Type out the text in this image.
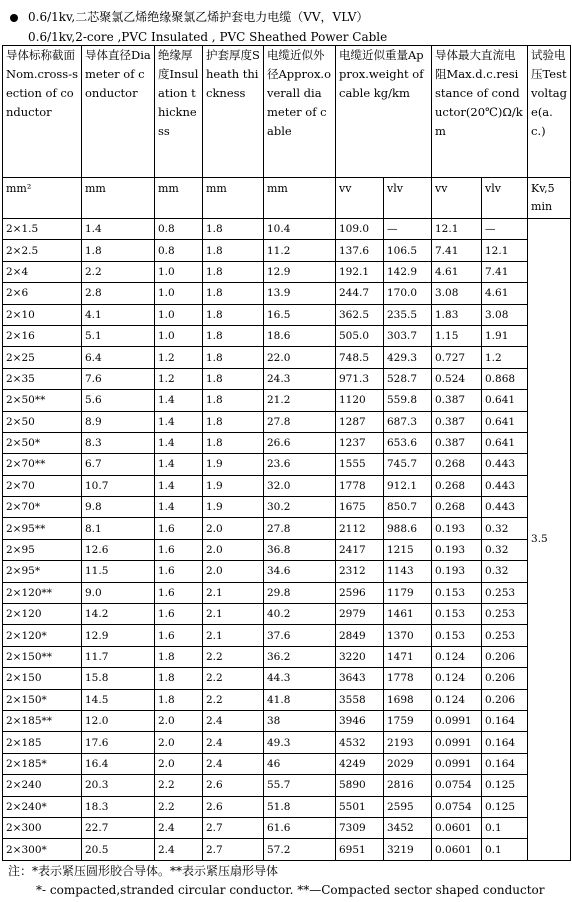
0.6/1kv,二芯聚氯乙烯绝缘聚氯乙烯护套电力电缆（VV，VLV）
0.6/1kv,2-core ,PVC Insulated , PVC Sheathed Power Cable
导体标称截面Nom.cross-section of conductor	导体直径Diameter of conductor	绝缘厚度Insulation thickness	护套厚度Sheath thickness	电缆近似外径Approx.overall diameter of cable	电缆近似重量Approx.weight of cable kg/km		导体最大直流电阻Max.d.c.resistance of conductor(20℃)Ω/km		试验电压Test voltage(a.c.)
mm²	mm	mm	mm	mm	vv	vlv	vv	vlv	Kv,5 min
2×1.5	1.4	0.8	1.8	10.4	109.0	—	12.1	—	3.5
2×2.5	1.8	0.8	1.8	11.2	137.6	106.5	7.41	12.1	
2×4	2.2	1.0	1.8	12.9	192.1	142.9	4.61	7.41	
2×6	2.8	1.0	1.8	13.9	244.7	170.0	3.08	4.61	
2×10	4.1	1.0	1.8	16.5	362.5	235.5	1.83	3.08	
2×16	5.1	1.0	1.8	18.6	505.0	303.7	1.15	1.91	
2×25	6.4	1.2	1.8	22.0	748.5	429.3	0.727	1.2	
2×35	7.6	1.2	1.8	24.3	971.3	528.7	0.524	0.868	
2×50**	5.6	1.4	1.8	21.2	1120	559.8	0.387	0.641	
2×50	8.9	1.4	1.8	27.8	1287	687.3	0.387	0.641	
2×50*	8.3	1.4	1.8	26.6	1237	653.6	0.387	0.641	
2×70**	6.7	1.4	1.9	23.6	1555	745.7	0.268	0.443	
2×70	10.7	1.4	1.9	32.0	1778	912.1	0.268	0.443	
2×70*	9.8	1.4	1.9	30.2	1675	850.7	0.268	0.443	
2×95**	8.1	1.6	2.0	27.8	2112	988.6	0.193	0.32	
2×95	12.6	1.6	2.0	36.8	2417	1215	0.193	0.32	
2×95*	11.5	1.6	2.0	34.6	2312	1143	0.193	0.32	
2×120**	9.0	1.6	2.1	29.8	2596	1179	0.153	0.253	
2×120	14.2	1.6	2.1	40.2	2979	1461	0.153	0.253	
2×120*	12.9	1.6	2.1	37.6	2849	1370	0.153	0.253	
2×150**	11.7	1.8	2.2	36.2	3220	1471	0.124	0.206	
2×150	15.8	1.8	2.2	44.3	3643	1778	0.124	0.206	
2×150*	14.5	1.8	2.2	41.8	3558	1698	0.124	0.206	
2×185**	12.0	2.0	2.4	38	3946	1759	0.0991	0.164	
2×185	17.6	2.0	2.4	49.3	4532	2193	0.0991	0.164	
2×185*	16.4	2.0	2.4	46	4249	2029	0.0991	0.164	
2×240	20.3	2.2	2.6	55.7	5890	2816	0.0754	0.125	
2×240*	18.3	2.2	2.6	51.8	5501	2595	0.0754	0.125	
2×300	22.7	2.4	2.7	61.6	7309	3452	0.0601	0.1	
2×300*	20.5	2.4	2.7	57.2	6951	3219	0.0601	0.1	
注：*表示紧压圆形胶合导体。**表示紧压扇形导体
*- compacted,stranded circular conductor. **—Compacted sector shaped conductor
